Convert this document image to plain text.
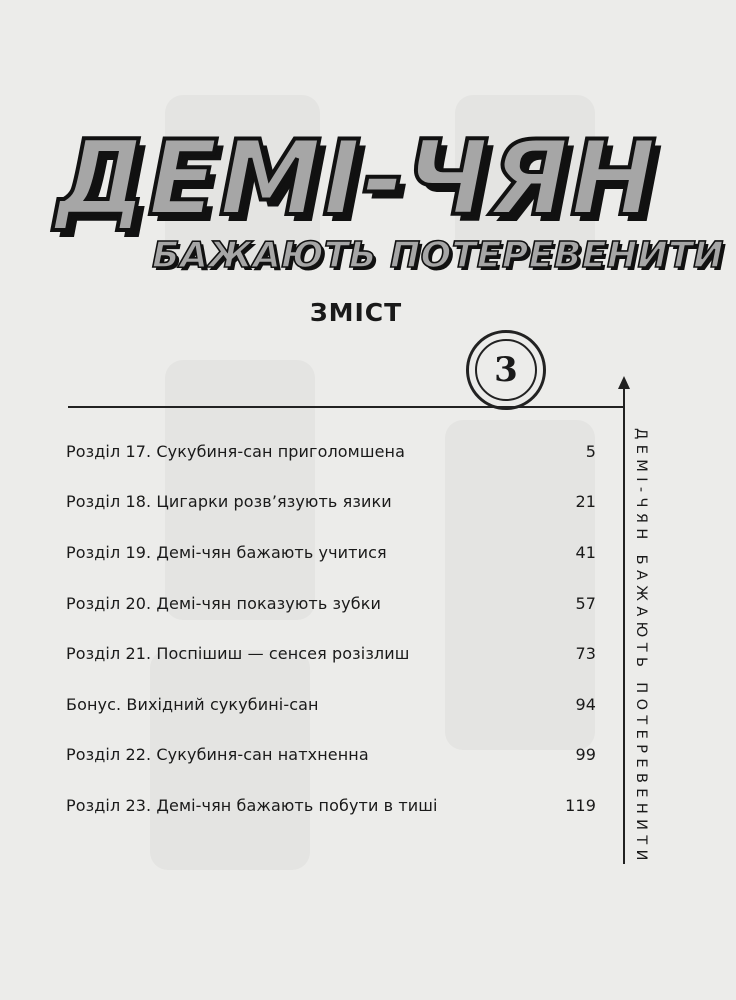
ДЕМІ-ЧЯН
БАЖАЮТЬ ПОТЕРЕВЕНИТИ
ЗМІСТ
3
ДЕМІ-ЧЯН БАЖАЮТЬ ПОТЕРЕВЕНИТИ
Розділ 17. Сукубиня-сан приголомшена	5
Розділ 18. Цигарки розв’язують язики	21
Розділ 19. Демі-чян бажають учитися	41
Розділ 20. Демі-чян показують зубки	57
Розділ 21. Поспішиш — сенсея розізлиш	73
Бонус. Вихідний сукубині-сан	94
Розділ 22. Сукубиня-сан натхненна	99
Розділ 23. Демі-чян бажають побути в тиші	119
